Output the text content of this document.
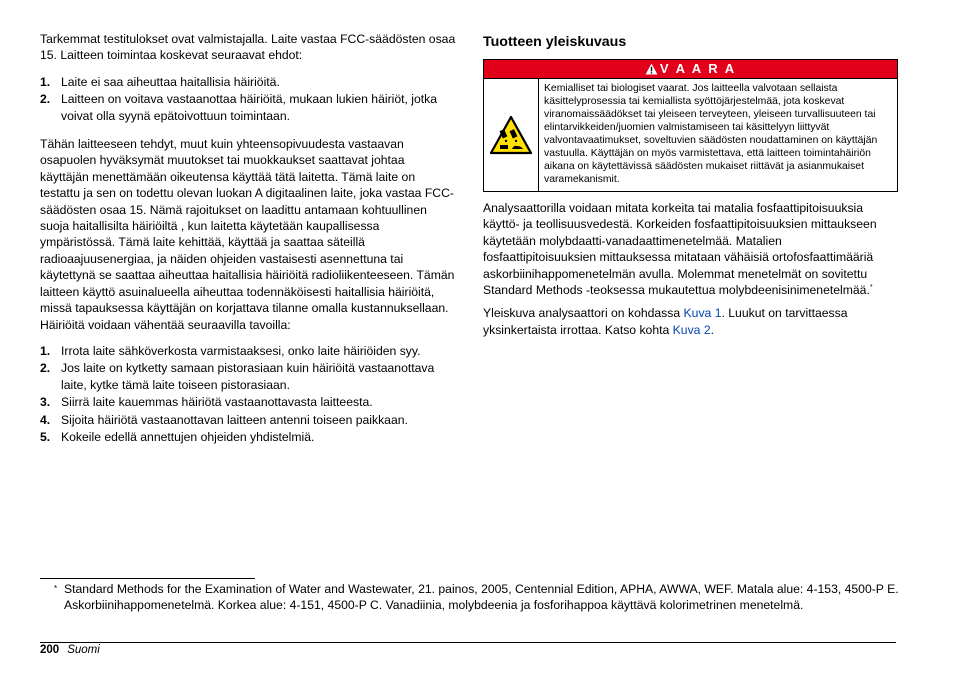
Tarkemmat testitulokset ovat valmistajalla. Laite vastaa FCC-säädösten osaa 15. Laitteen toimintaa koskevat seuraavat ehdot:

1. Laite ei saa aiheuttaa haitallisia häiriöitä.
2. Laitteen on voitava vastaanottaa häiriöitä, mukaan lukien häiriöt, jotka voivat olla syynä epätoivottuun toimintaan.

Tähän laitteeseen tehdyt, muut kuin yhteensopivuudesta vastaavan osapuolen hyväksymät muutokset tai muokkaukset saattavat johtaa käyttäjän menettämään oikeutensa käyttää tätä laitetta. Tämä laite on testattu ja sen on todettu olevan luokan A digitaalinen laite, joka vastaa FCC-säädösten osaa 15. Nämä rajoitukset on laadittu antamaan kohtuullinen suoja haitallisilta häiriöiltä , kun laitetta käytetään kaupallisessa ympäristössä. Tämä laite kehittää, käyttää ja saattaa säteillä radioaajuusenergiaa, ja näiden ohjeiden vastaisesti asennettuna tai käytettynä se saattaa aiheuttaa haitallisia häiriöitä radioliikenteeseen. Tämän laitteen käyttö asuinalueella aiheuttaa todennäköisesti haitallisia häiriöitä, missä tapauksessa käyttäjän on korjattava tilanne omalla kustannuksellaan. Häiriöitä voidaan vähentää seuraavilla tavoilla:

1. Irrota laite sähköverkosta varmistaaksesi, onko laite häiriöiden syy.
2. Jos laite on kytketty samaan pistorasiaan kuin häiriöitä vastaanottava laite, kytke tämä laite toiseen pistorasiaan.
3. Siirrä laite kauemmas häiriötä vastaanottavasta laitteesta.
4. Sijoita häiriötä vastaanottavan laitteen antenni toiseen paikkaan.
5. Kokeile edellä annettujen ohjeiden yhdistelmiä.
Tuotteen yleiskuvaus
V A A R A
Kemialliset tai biologiset vaarat. Jos laitteella valvotaan sellaista käsittelyprosessia tai kemiallista syöttöjärjestelmää, jota koskevat viranomaissäädökset tai yleiseen terveyteen, yleiseen turvallisuuteen tai elintarvikkeiden/juomien valmistamiseen tai käsittelyyn liittyvät valvontavaatimukset, soveltuvien säädösten noudattaminen on käyttäjän vastuulla. Käyttäjän on myös varmistettava, että laitteen toimintahäiriön aikana on käytettävissä säädösten mukaiset riittävät ja asianmukaiset varamekanismit.

Analysaattorilla voidaan mitata korkeita tai matalia fosfaattipitoisuuksia käyttö- ja teollisuusvedestä. Korkeiden fosfaattipitoisuuksien mittaukseen käytetään molybdaatti-vanadaattimenetelmää. Matalien fosfaattipitoisuuksien mittauksessa mitataan vähäisiä ortofosfaattimääriä askorbiinihappomenetelmän avulla. Molemmat menetelmät on sovitettu Standard Methods -teoksessa mukautettua molybdeenisinimenetelmää.*

Yleiskuva analysaattori on kohdassa Kuva 1. Luukut on tarvittaessa yksinkertaista irrottaa. Katso kohta Kuva 2.

* Standard Methods for the Examination of Water and Wastewater, 21. painos, 2005, Centennial Edition, APHA, AWWA, WEF. Matala alue: 4-153, 4500-P E. Askorbiinihappomenetelmä. Korkea alue: 4-151, 4500-P C. Vanadiinia, molybdeenia ja fosforihappoa käyttävä kolorimetrinen menetelmä.
200 Suomi
